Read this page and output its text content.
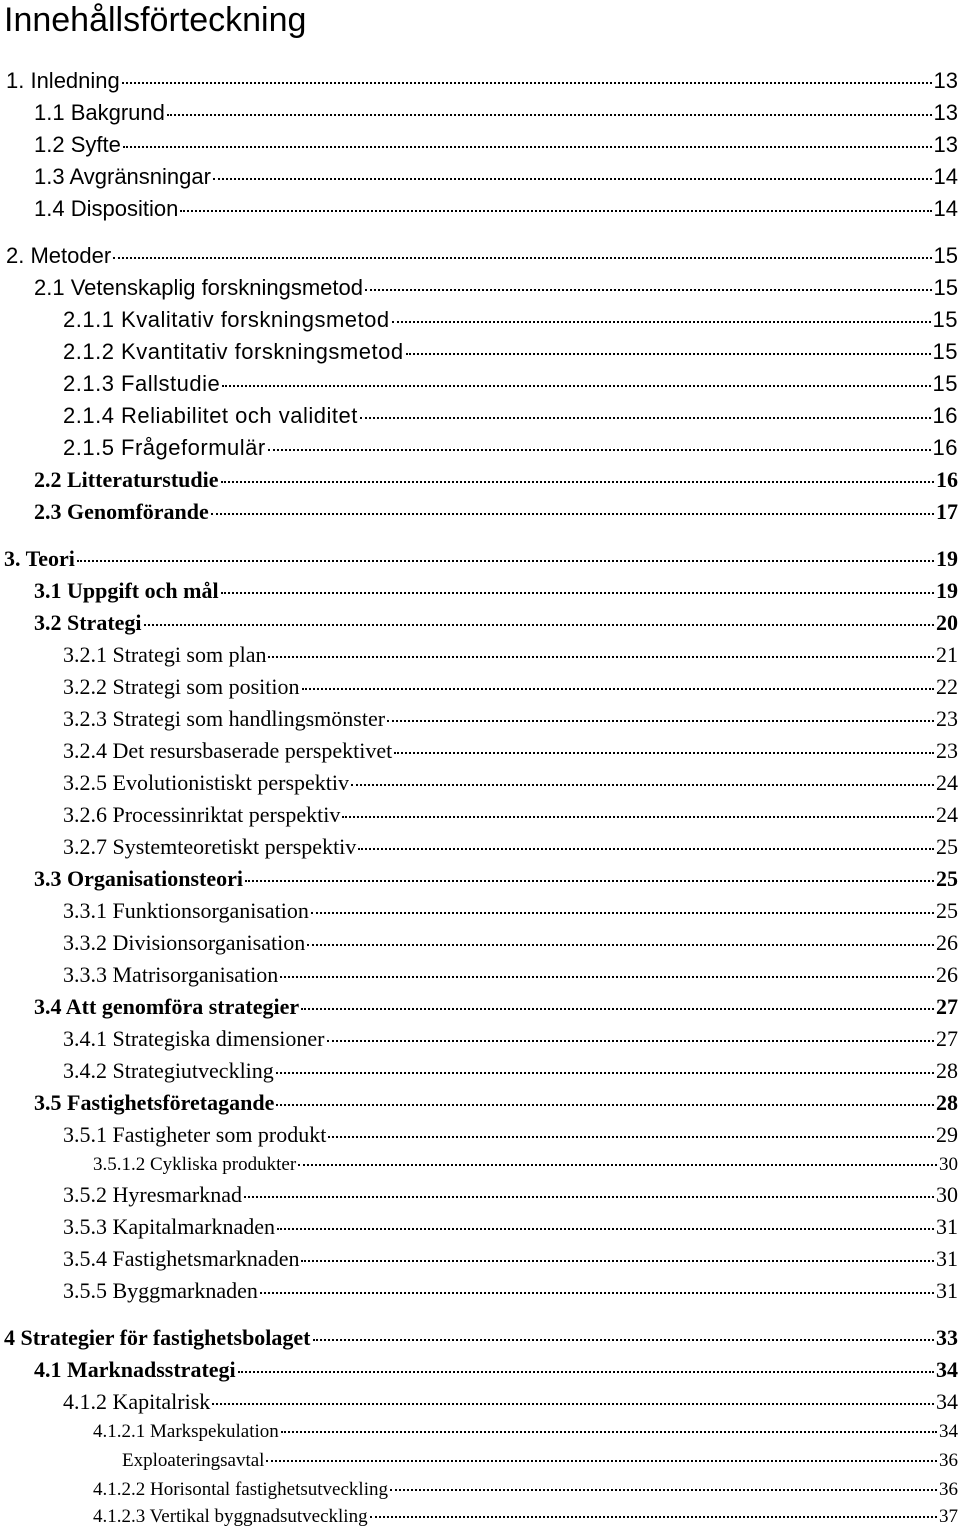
Innehållsförteckning
1. Inledning	13
1.1 Bakgrund	13
1.2 Syfte	13
1.3 Avgränsningar	14
1.4 Disposition	14
2. Metoder	15
2.1 Vetenskaplig forskningsmetod	15
2.1.1 Kvalitativ forskningsmetod	15
2.1.2 Kvantitativ forskningsmetod	15
2.1.3 Fallstudie	15
2.1.4 Reliabilitet och validitet	16
2.1.5 Frågeformulär	16
2.2 Litteraturstudie	16
2.3 Genomförande	17
3. Teori	19
3.1 Uppgift och mål	19
3.2 Strategi	20
3.2.1 Strategi som plan	21
3.2.2 Strategi som position	22
3.2.3 Strategi som handlingsmönster	23
3.2.4 Det resursbaserade perspektivet	23
3.2.5 Evolutionistiskt perspektiv	24
3.2.6 Processinriktat perspektiv	24
3.2.7 Systemteoretiskt perspektiv	25
3.3 Organisationsteori	25
3.3.1 Funktionsorganisation	25
3.3.2 Divisionsorganisation	26
3.3.3 Matrisorganisation	26
3.4 Att genomföra strategier	27
3.4.1 Strategiska dimensioner	27
3.4.2 Strategiutveckling	28
3.5 Fastighetsföretagande	28
3.5.1 Fastigheter som produkt	29
3.5.1.2 Cykliska produkter	30
3.5.2 Hyresmarknad	30
3.5.3 Kapitalmarknaden	31
3.5.4 Fastighetsmarknaden	31
3.5.5 Byggmarknaden	31
4 Strategier för fastighetsbolaget	33
4.1 Marknadsstrategi	34
4.1.2 Kapitalrisk	34
4.1.2.1 Markspekulation	34
Exploateringsavtal	36
4.1.2.2 Horisontal fastighetsutveckling	36
4.1.2.3 Vertikal byggnadsutveckling	37
